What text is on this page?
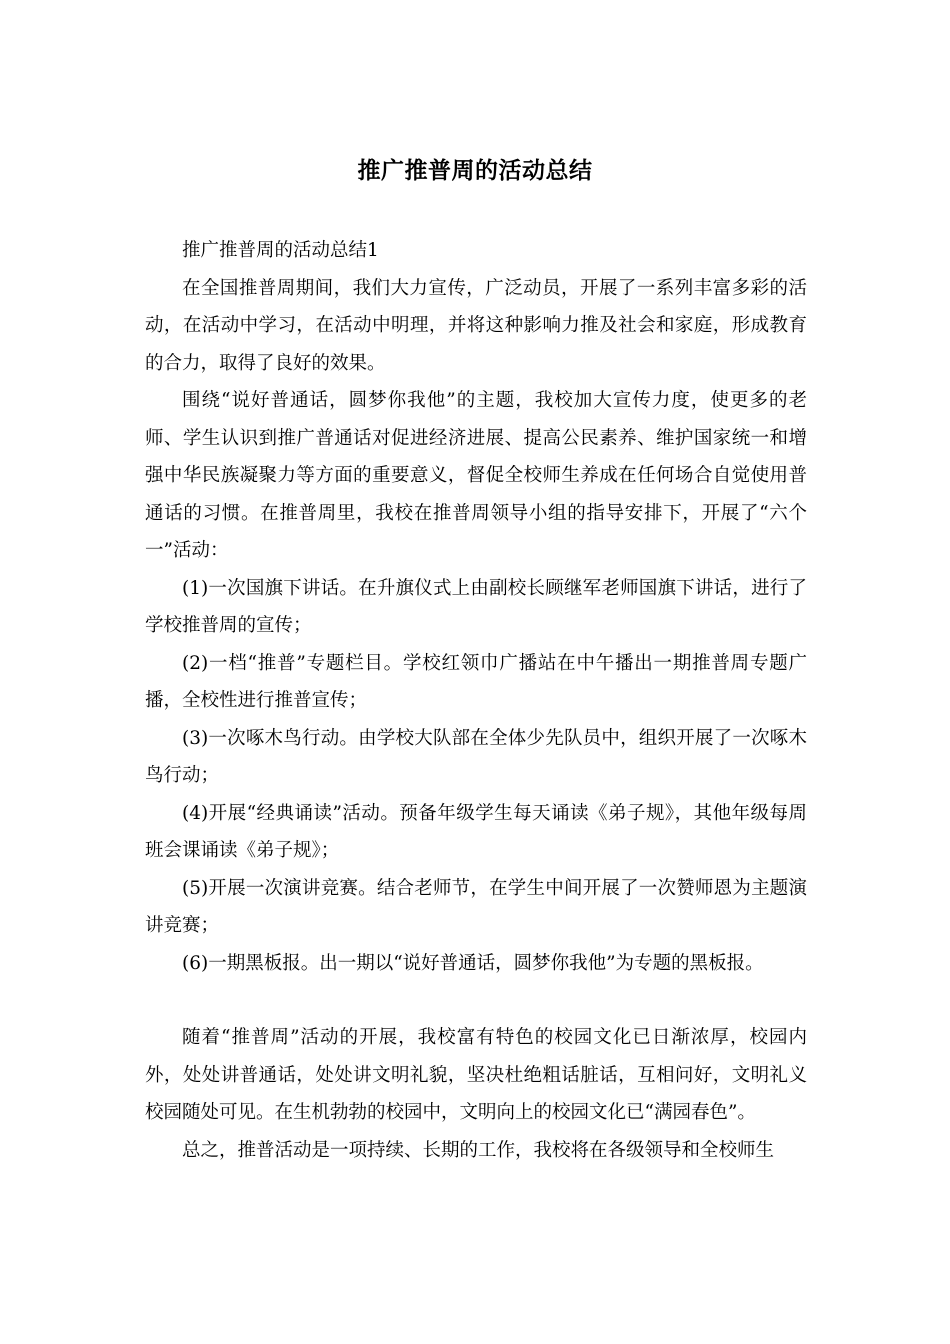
推广推普周的活动总结

推广推普周的活动总结1

在全国推普周期间，我们大力宣传，广泛动员，开展了一系列丰富多彩的活动，在活动中学习，在活动中明理，并将这种影响力推及社会和家庭，形成教育的合力，取得了良好的效果。

围绕“说好普通话，圆梦你我他”的主题，我校加大宣传力度，使更多的老师、学生认识到推广普通话对促进经济进展、提高公民素养、维护国家统一和增强中华民族凝聚力等方面的重要意义，督促全校师生养成在任何场合自觉使用普通话的习惯。在推普周里，我校在推普周领导小组的指导安排下，开展了“六个一”活动：

(1)一次国旗下讲话。在升旗仪式上由副校长顾继军老师国旗下讲话，进行了学校推普周的宣传；

(2)一档“推普”专题栏目。学校红领巾广播站在中午播出一期推普周专题广播，全校性进行推普宣传；

(3)一次啄木鸟行动。由学校大队部在全体少先队员中，组织开展了一次啄木鸟行动；

(4)开展“经典诵读”活动。预备年级学生每天诵读《弟子规》，其他年级每周班会课诵读《弟子规》；

(5)开展一次演讲竞赛。结合老师节，在学生中间开展了一次赞师恩为主题演讲竞赛；

(6)一期黑板报。出一期以“说好普通话，圆梦你我他”为专题的黑板报。

随着“推普周”活动的开展，我校富有特色的校园文化已日渐浓厚，校园内外，处处讲普通话，处处讲文明礼貌，坚决杜绝粗话脏话，互相问好，文明礼义校园随处可见。在生机勃勃的校园中，文明向上的校园文化已“满园春色”。

总之，推普活动是一项持续、长期的工作，我校将在各级领导和全校师生
